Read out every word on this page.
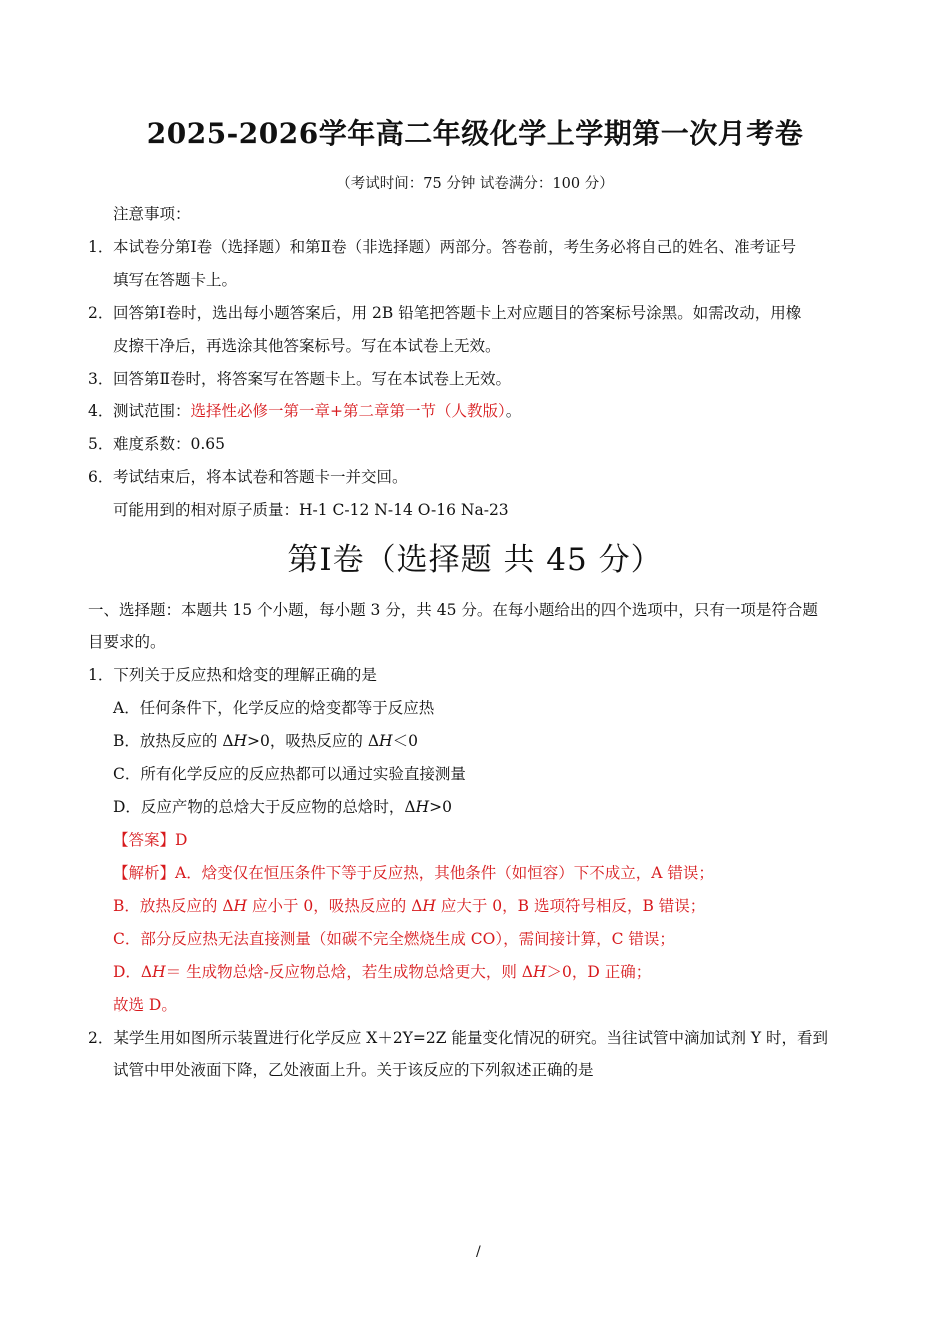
2025-2026学年高二年级化学上学期第一次月考卷
（考试时间：75 分钟 试卷满分：100 分）
注意事项：
1． 本试卷分第Ⅰ卷（选择题）和第Ⅱ卷（非选择题）两部分。答卷前，考生务必将自己的姓名、准考证号
填写在答题卡上。
2． 回答第Ⅰ卷时，选出每小题答案后，用 2B 铅笔把答题卡上对应题目的答案标号涂黑。如需改动，用橡
皮擦干净后，再选涂其他答案标号。写在本试卷上无效。
3． 回答第Ⅱ卷时，将答案写在答题卡上。写在本试卷上无效。
4． 测试范围：选择性必修一第一章+第二章第一节（人教版）。
5． 难度系数：0.65
6． 考试结束后，将本试卷和答题卡一并交回。
可能用到的相对原子质量：H-1 C-12 N-14 O-16 Na-23
第Ⅰ卷（选择题 共 45 分）
一、选择题：本题共 15 个小题，每小题 3 分，共 45 分。在每小题给出的四个选项中，只有一项是符合题
目要求的。
1．下列关于反应热和焓变的理解正确的是
A．任何条件下，化学反应的焓变都等于反应热
B．放热反应的 ΔH>0，吸热反应的 ΔH＜0
C．所有化学反应的反应热都可以通过实验直接测量
D．反应产物的总焓大于反应物的总焓时，ΔH>0
【答案】D
【解析】A．焓变仅在恒压条件下等于反应热，其他条件（如恒容）下不成立，A 错误；
B．放热反应的 ΔH 应小于 0，吸热反应的 ΔH 应大于 0，B 选项符号相反，B 错误；
C．部分反应热无法直接测量（如碳不完全燃烧生成 CO），需间接计算，C 错误；
D．ΔH＝ 生成物总焓-反应物总焓，若生成物总焓更大，则 ΔH＞0，D 正确；
故选 D。
2．某学生用如图所示装置进行化学反应 X＋2Y=2Z 能量变化情况的研究。当往试管中滴加试剂 Y 时，看到
试管中甲处液面下降，乙处液面上升。关于该反应的下列叙述正确的是
/
